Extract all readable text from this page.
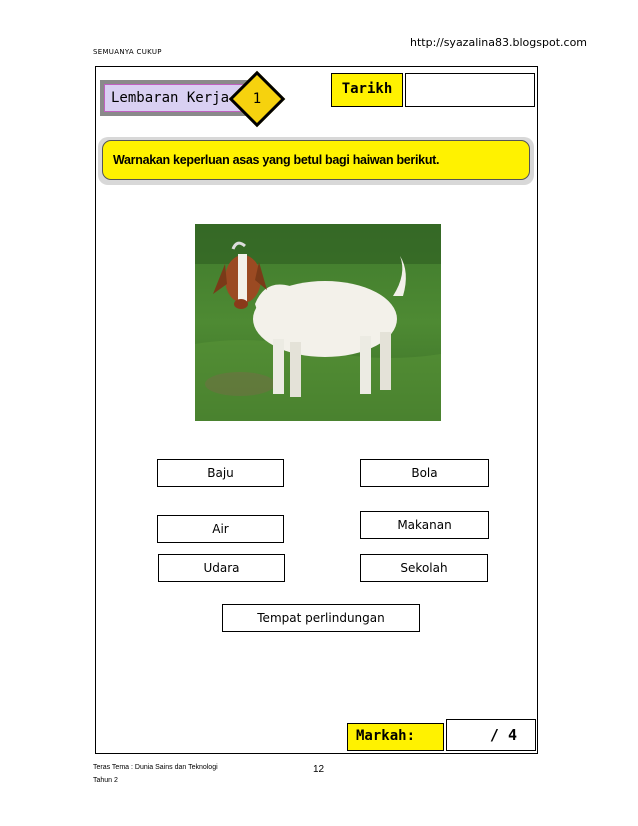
http://syazalina83.blogspot.com
SEMUANYA CUKUP
Lembaran Kerja	1
Tarikh
Warnakan keperluan asas yang betul bagi haiwan berikut.
Baju	Bola
Air	Makanan
Udara	Sekolah
Tempat perlindungan
Markah:	/ 4
Teras Tema : Dunia Sains dan Teknologi
Tahun 2
12
